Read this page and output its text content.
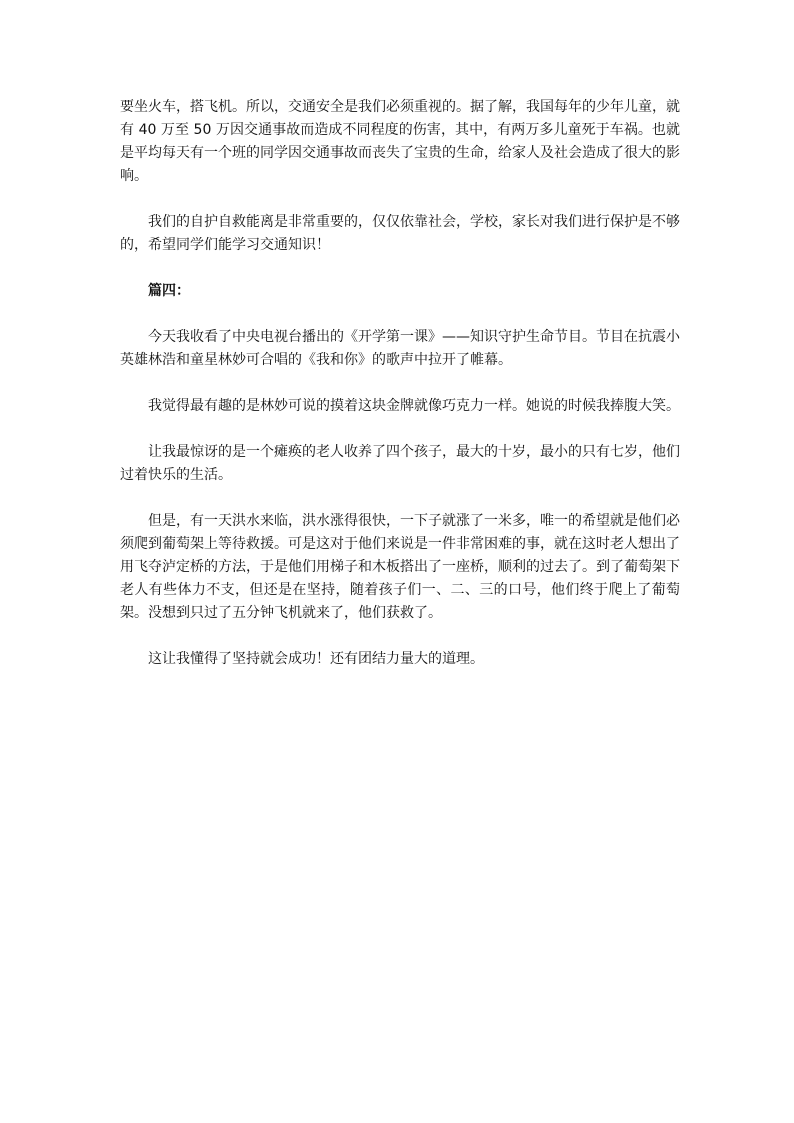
要坐火车，搭飞机。所以，交通安全是我们必须重视的。据了解，我国每年的少年儿童，就有 40 万至 50 万因交通事故而造成不同程度的伤害，其中，有两万多儿童死于车祸。也就是平均每天有一个班的同学因交通事故而丧失了宝贵的生命，给家人及社会造成了很大的影响。

我们的自护自救能离是非常重要的，仅仅依靠社会，学校，家长对我们进行保护是不够的，希望同学们能学习交通知识！

篇四：

今天我收看了中央电视台播出的《开学第一课》——知识守护生命节目。节目在抗震小英雄林浩和童星林妙可合唱的《我和你》的歌声中拉开了帷幕。

我觉得最有趣的是林妙可说的摸着这块金牌就像巧克力一样。她说的时候我捧腹大笑。

让我最惊讶的是一个瘫痪的老人收养了四个孩子，最大的十岁，最小的只有七岁，他们过着快乐的生活。

但是，有一天洪水来临，洪水涨得很快，一下子就涨了一米多，唯一的希望就是他们必须爬到葡萄架上等待救援。可是这对于他们来说是一件非常困难的事，就在这时老人想出了用飞夺泸定桥的方法，于是他们用梯子和木板搭出了一座桥，顺利的过去了。到了葡萄架下老人有些体力不支，但还是在坚持，随着孩子们一、二、三的口号，他们终于爬上了葡萄架。没想到只过了五分钟飞机就来了，他们获救了。

这让我懂得了坚持就会成功！还有团结力量大的道理。
